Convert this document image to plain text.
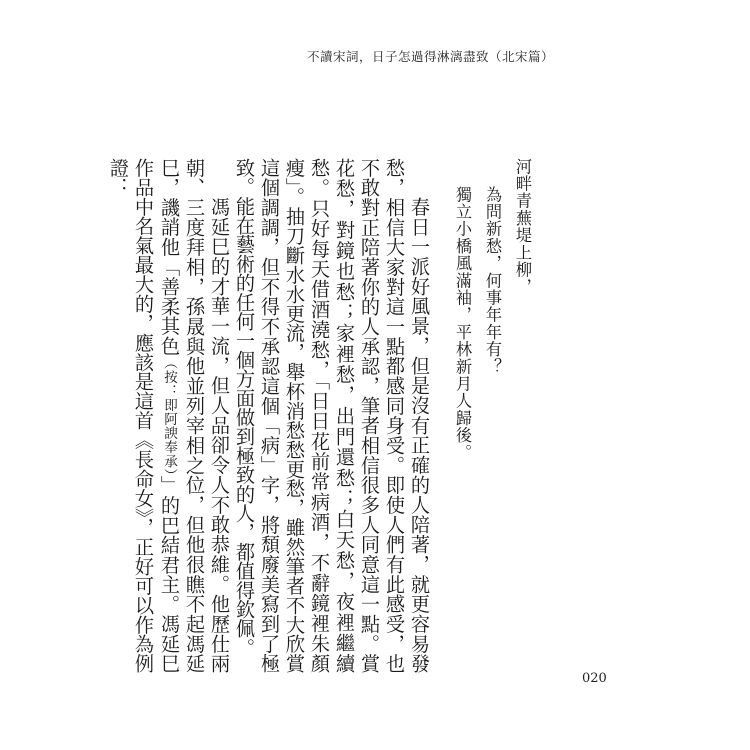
不讀宋詞，日子怎過得淋漓盡致（北宋篇）
河畔青蕪堤上柳，
為問新愁，何事年年有？
獨立小橋風滿袖，平林新月人歸後。

春日一派好風景，但是沒有正確的人陪著，就更容易發愁，相信大家對這一點都感同身受。即使人們有此感受，也不敢對正陪著你的人承認，筆者相信很多人同意這一點。賞花愁，對鏡也愁；家裡愁，出門還愁；白天愁，夜裡繼續愁。只好每天借酒澆愁，「日日花前常病酒，不辭鏡裡朱顏瘦」。抽刀斷水水更流，舉杯消愁愁更愁，雖然筆者不大欣賞這個調調，但不得不承認這個「病」字，將頹廢美寫到了極致。能在藝術的任何一個方面做到極致的人，都值得欽佩。

馮延巳的才華一流，但人品卻令人不敢恭維。他歷仕兩朝、三度拜相，孫晟與他並列宰相之位，但他很瞧不起馮延巳，譏誚他「善柔其色（按：即阿諛奉承）」的巴結君主。馮延巳作品中名氣最大的，應該是這首《長命女》，正好可以作為例證：

020
